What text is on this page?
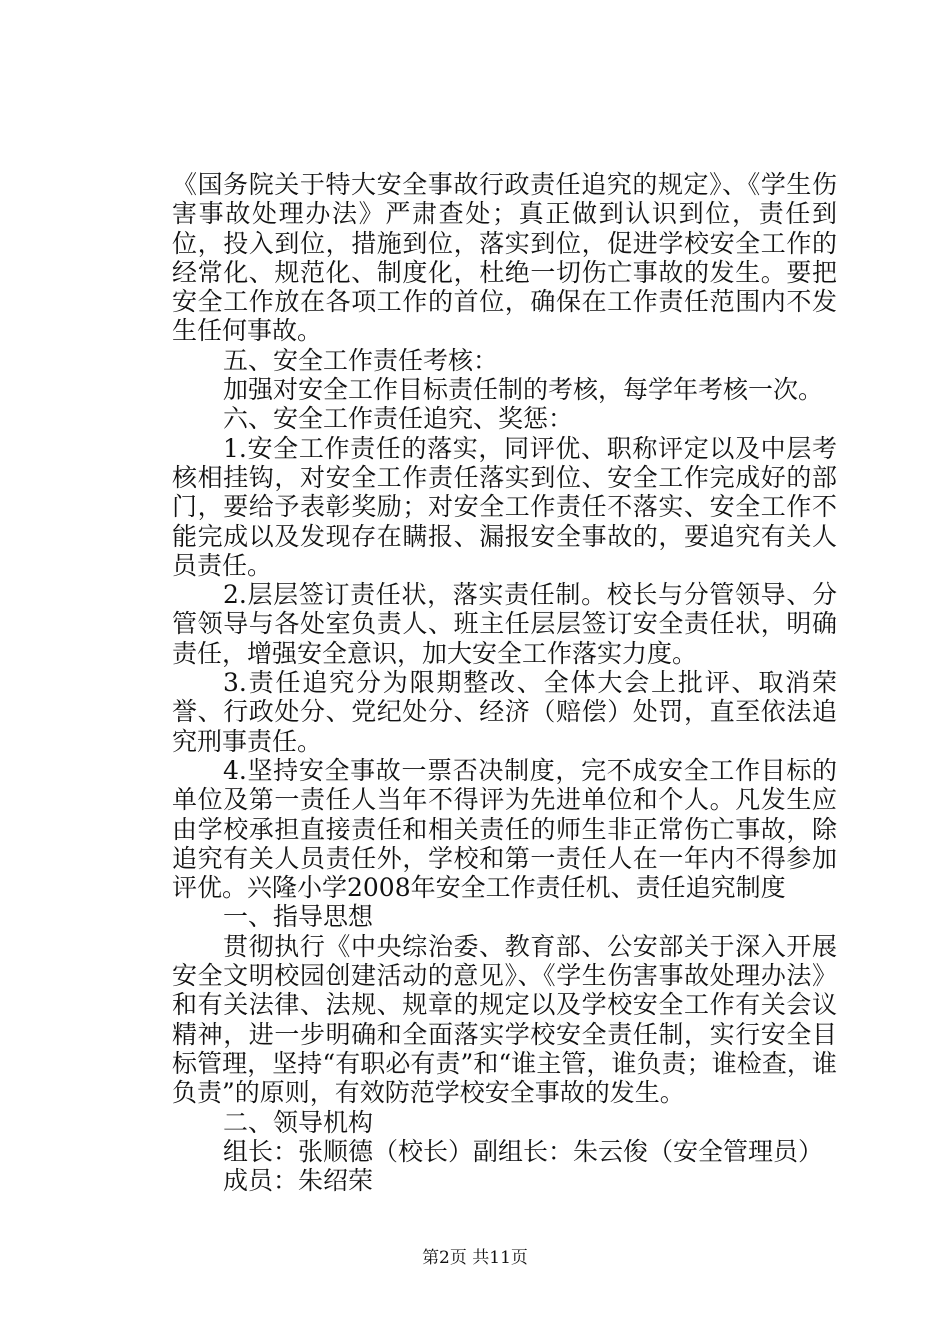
《国务院关于特大安全事故行政责任追究的规定》、《学生伤害事故处理办法》严肃查处；真正做到认识到位，责任到位，投入到位，措施到位，落实到位，促进学校安全工作的经常化、规范化、制度化，杜绝一切伤亡事故的发生。要把安全工作放在各项工作的首位，确保在工作责任范围内不发生任何事故。

五、安全工作责任考核：

加强对安全工作目标责任制的考核，每学年考核一次。

六、安全工作责任追究、奖惩：

1.安全工作责任的落实，同评优、职称评定以及中层考核相挂钩，对安全工作责任落实到位、安全工作完成好的部门，要给予表彰奖励；对安全工作责任不落实、安全工作不能完成以及发现存在瞒报、漏报安全事故的，要追究有关人员责任。

2.层层签订责任状，落实责任制。校长与分管领导、分管领导与各处室负责人、班主任层层签订安全责任状，明确责任，增强安全意识，加大安全工作落实力度。

3.责任追究分为限期整改、全体大会上批评、取消荣誉、行政处分、党纪处分、经济（赔偿）处罚，直至依法追究刑事责任。

4.坚持安全事故一票否决制度，完不成安全工作目标的单位及第一责任人当年不得评为先进单位和个人。凡发生应由学校承担直接责任和相关责任的师生非正常伤亡事故，除追究有关人员责任外，学校和第一责任人在一年内不得参加评优。兴隆小学2008年安全工作责任机、责任追究制度

一、指导思想

贯彻执行《中央综治委、教育部、公安部关于深入开展安全文明校园创建活动的意见》、《学生伤害事故处理办法》和有关法律、法规、规章的规定以及学校安全工作有关会议精神，进一步明确和全面落实学校安全责任制，实行安全目标管理，坚持“有职必有责”和“谁主管，谁负责；谁检查，谁负责”的原则，有效防范学校安全事故的发生。

二、领导机构

组长：张顺德（校长）副组长：朱云俊（安全管理员）

成员：朱绍荣

第2页 共11页
